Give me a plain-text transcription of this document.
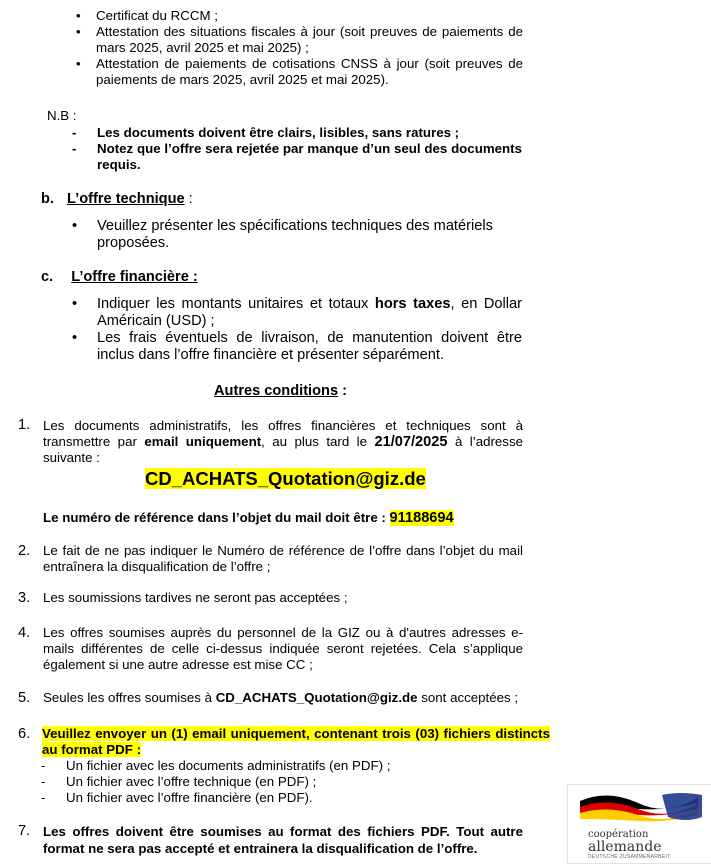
• Certificat du RCCM ;
• Attestation des situations fiscales à jour (soit preuves de paiements de mars 2025, avril 2025 et mai 2025) ;
• Attestation de paiements de cotisations CNSS à jour (soit preuves de paiements de mars 2025, avril 2025 et mai 2025).
N.B :
- Les documents doivent être clairs, lisibles, sans ratures ;
- Notez que l’offre sera rejetée par manque d’un seul des documents requis.
b. L’offre technique :
• Veuillez présenter les spécifications techniques des matériels proposées.
c. L’offre financière :
• Indiquer les montants unitaires et totaux hors taxes, en Dollar Américain (USD) ;
• Les frais éventuels de livraison, de manutention doivent être inclus dans l’offre financière et présenter séparément.
Autres conditions :
1. Les documents administratifs, les offres financières et techniques sont à transmettre par email uniquement, au plus tard le 21/07/2025 à l’adresse suivante :
CD_ACHATS_Quotation@giz.de
Le numéro de référence dans l’objet du mail doit être : 91188694
2. Le fait de ne pas indiquer le Numéro de référence de l’offre dans l’objet du mail entraînera la disqualification de l’offre ;
3. Les soumissions tardives ne seront pas acceptées ;
4. Les offres soumises auprès du personnel de la GIZ ou à d'autres adresses e-mails différentes de celle ci-dessus indiquée seront rejetées. Cela s’applique également si une autre adresse est mise CC ;
5. Seules les offres soumises à CD_ACHATS_Quotation@giz.de sont acceptées ;
6. Veuillez envoyer un (1) email uniquement, contenant trois (03) fichiers distincts au format PDF :
- Un fichier avec les documents administratifs (en PDF) ;
- Un fichier avec l’offre technique (en PDF) ;
- Un fichier avec l’offre financière (en PDF).
7. Les offres doivent être soumises au format des fichiers PDF. Tout autre format ne sera pas accepté et entrainera la disqualification de l’offre.
coopération
allemande
DEUTSCHE ZUSAMMENARBEIT
